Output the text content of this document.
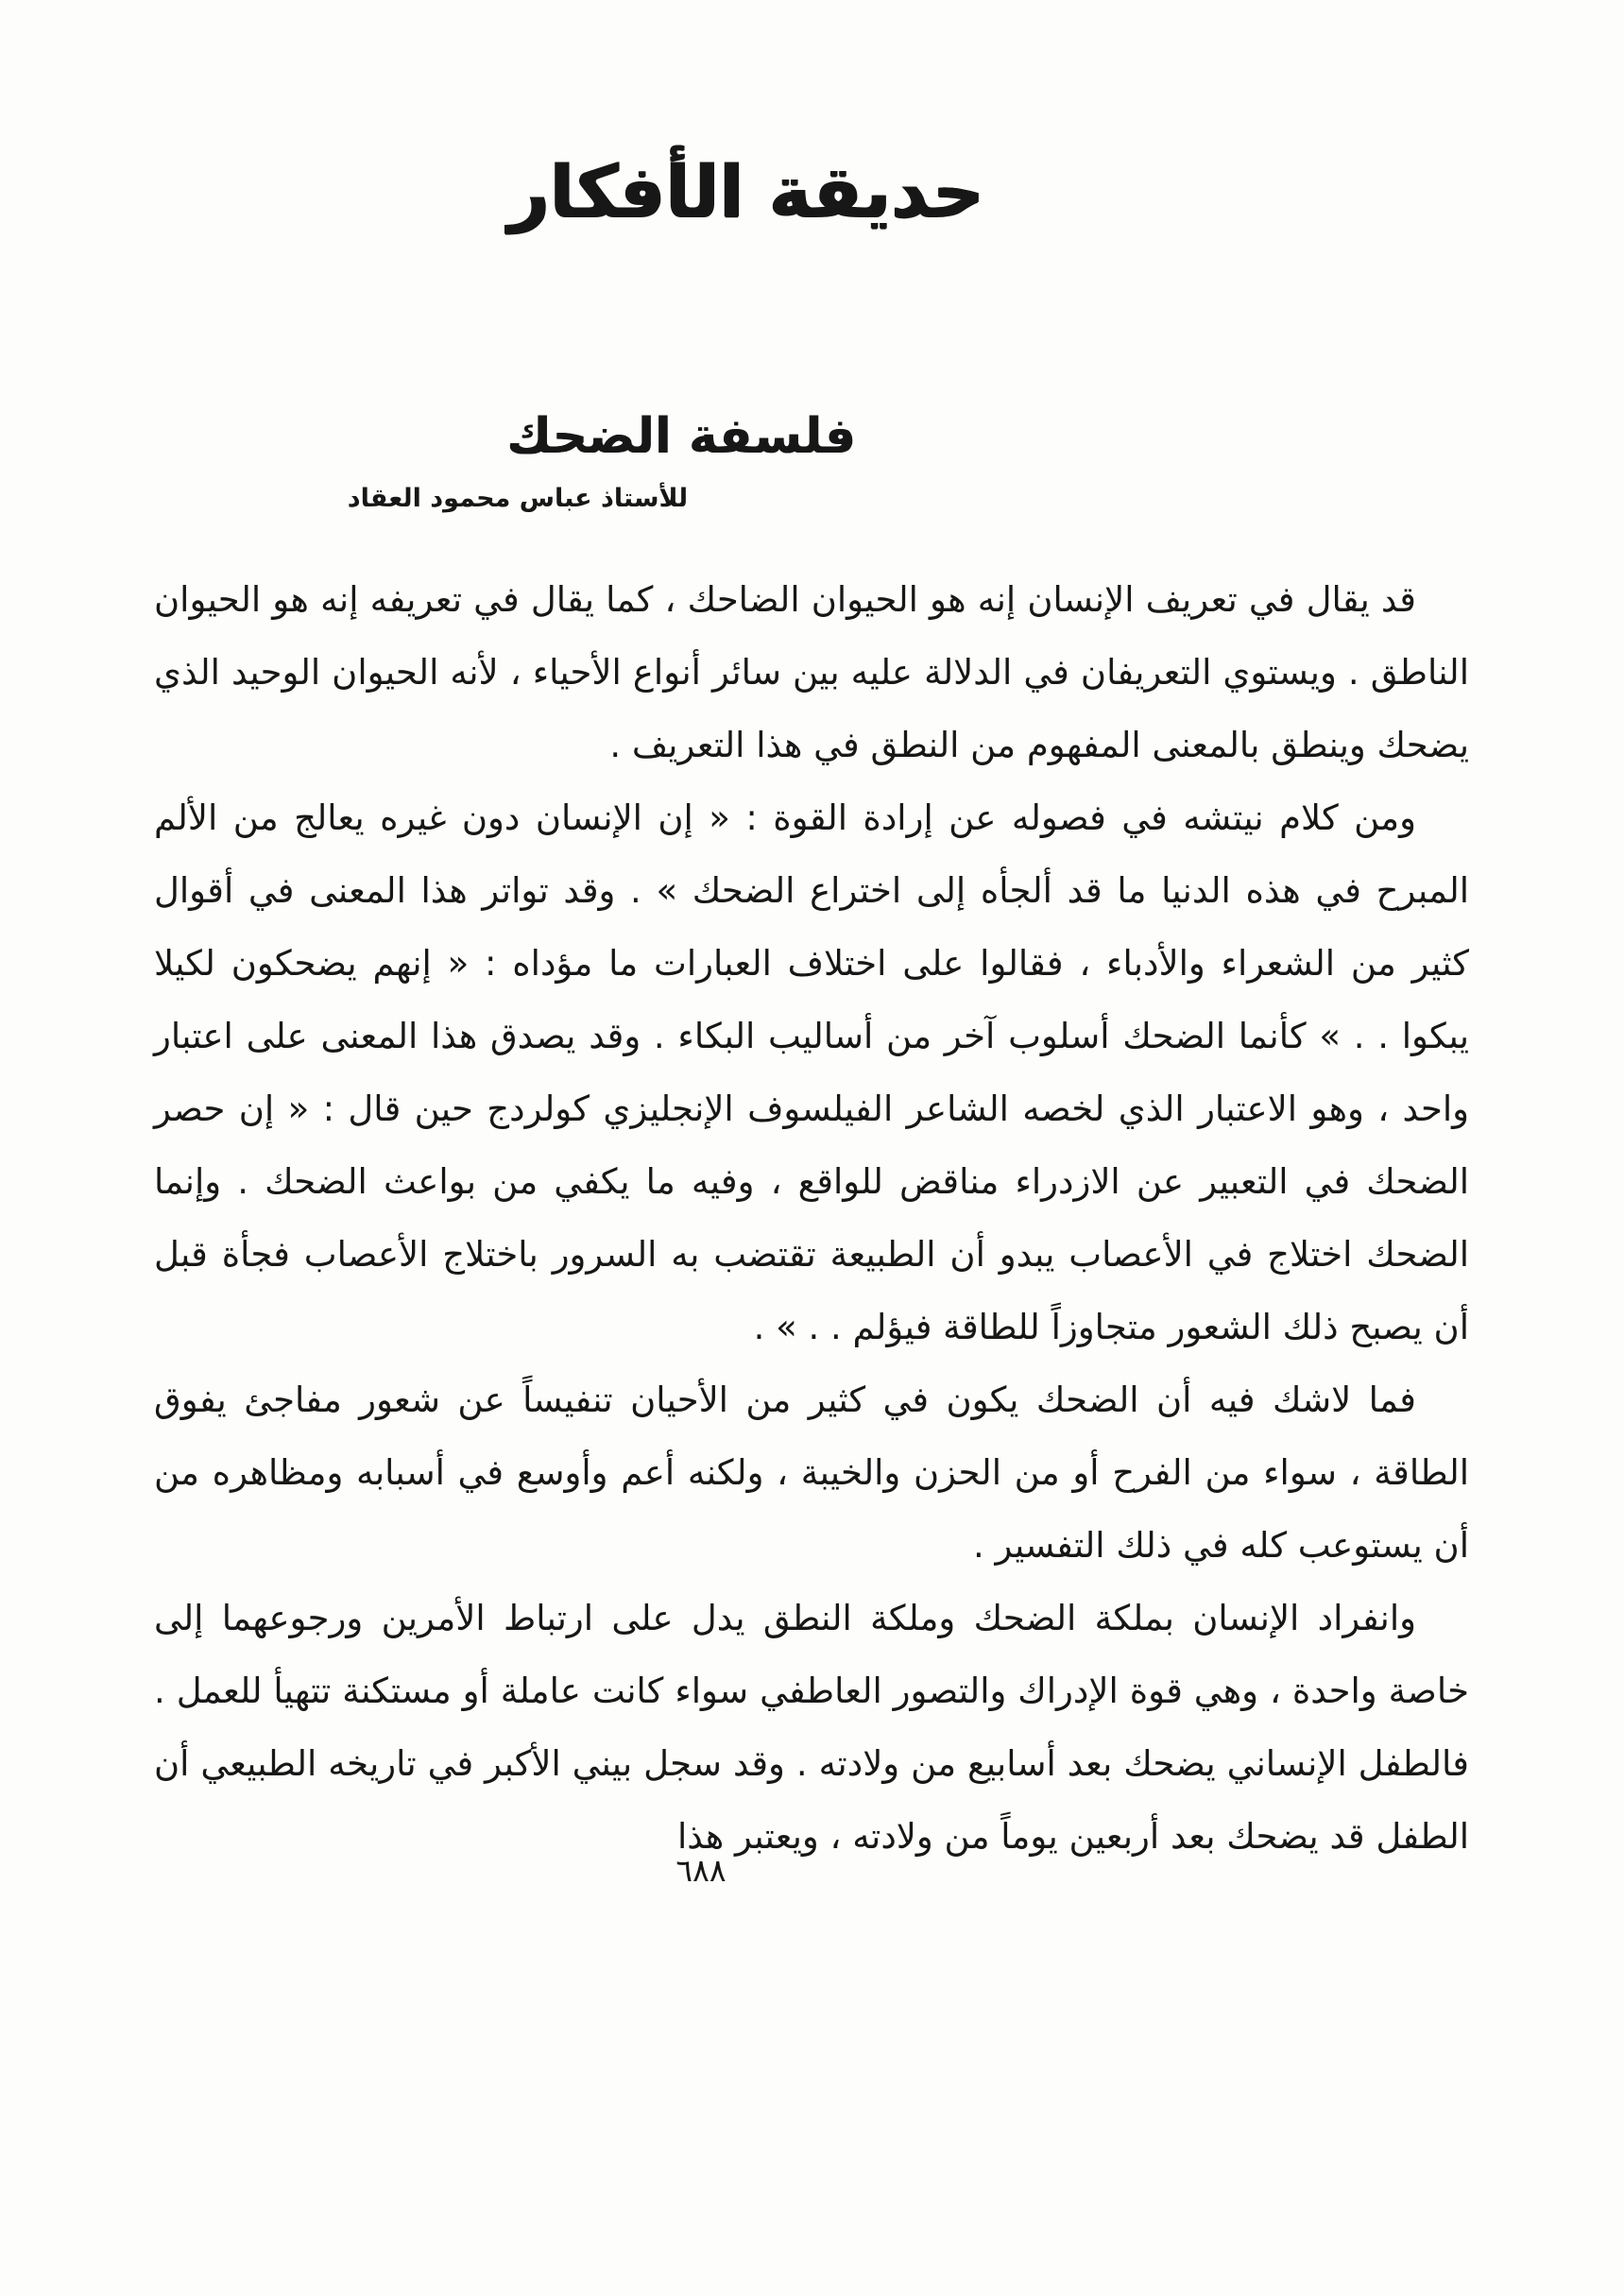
حديقة الأفكار
فلسفة الضحك
للأستاذ عباس محمود العقاد

قد يقال في تعريف الإنسان إنه هو الحيوان الضاحك ، كما يقال في تعريفه إنه هو الحيوان الناطق . ويستوي التعريفان في الدلالة عليه بين سائر أنواع الأحياء ، لأنه الحيوان الوحيد الذي يضحك وينطق بالمعنى المفهوم من النطق في هذا التعريف .

ومن كلام نيتشه في فصوله عن إرادة القوة : « إن الإنسان دون غيره يعالج من الألم المبرح في هذه الدنيا ما قد ألجأه إلى اختراع الضحك » . وقد تواتر هذا المعنى في أقوال كثير من الشعراء والأدباء ، فقالوا على اختلاف العبارات ما مؤداه : « إنهم يضحكون لكيلا يبكوا . . » كأنما الضحك أسلوب آخر من أساليب البكاء . وقد يصدق هذا المعنى على اعتبار واحد ، وهو الاعتبار الذي لخصه الشاعر الفيلسوف الإنجليزي كولردج حين قال : « إن حصر الضحك في التعبير عن الازدراء مناقض للواقع ، وفيه ما يكفي من بواعث الضحك . وإنما الضحك اختلاج في الأعصاب يبدو أن الطبيعة تقتضب به السرور باختلاج الأعصاب فجأة قبل أن يصبح ذلك الشعور متجاوزاً للطاقة فيؤلم . . » .

فما لاشك فيه أن الضحك يكون في كثير من الأحيان تنفيساً عن شعور مفاجئ يفوق الطاقة ، سواء من الفرح أو من الحزن والخيبة ، ولكنه أعم وأوسع في أسبابه ومظاهره من أن يستوعب كله في ذلك التفسير .

وانفراد الإنسان بملكة الضحك وملكة النطق يدل على ارتباط الأمرين ورجوعهما إلى خاصة واحدة ، وهي قوة الإدراك والتصور العاطفي سواء كانت عاملة أو مستكنة تتهيأ للعمل . فالطفل الإنساني يضحك بعد أسابيع من ولادته . وقد سجل بيني الأكبر في تاريخه الطبيعي أن الطفل قد يضحك بعد أربعين يوماً من ولادته ، ويعتبر هذا

٦٨٨
